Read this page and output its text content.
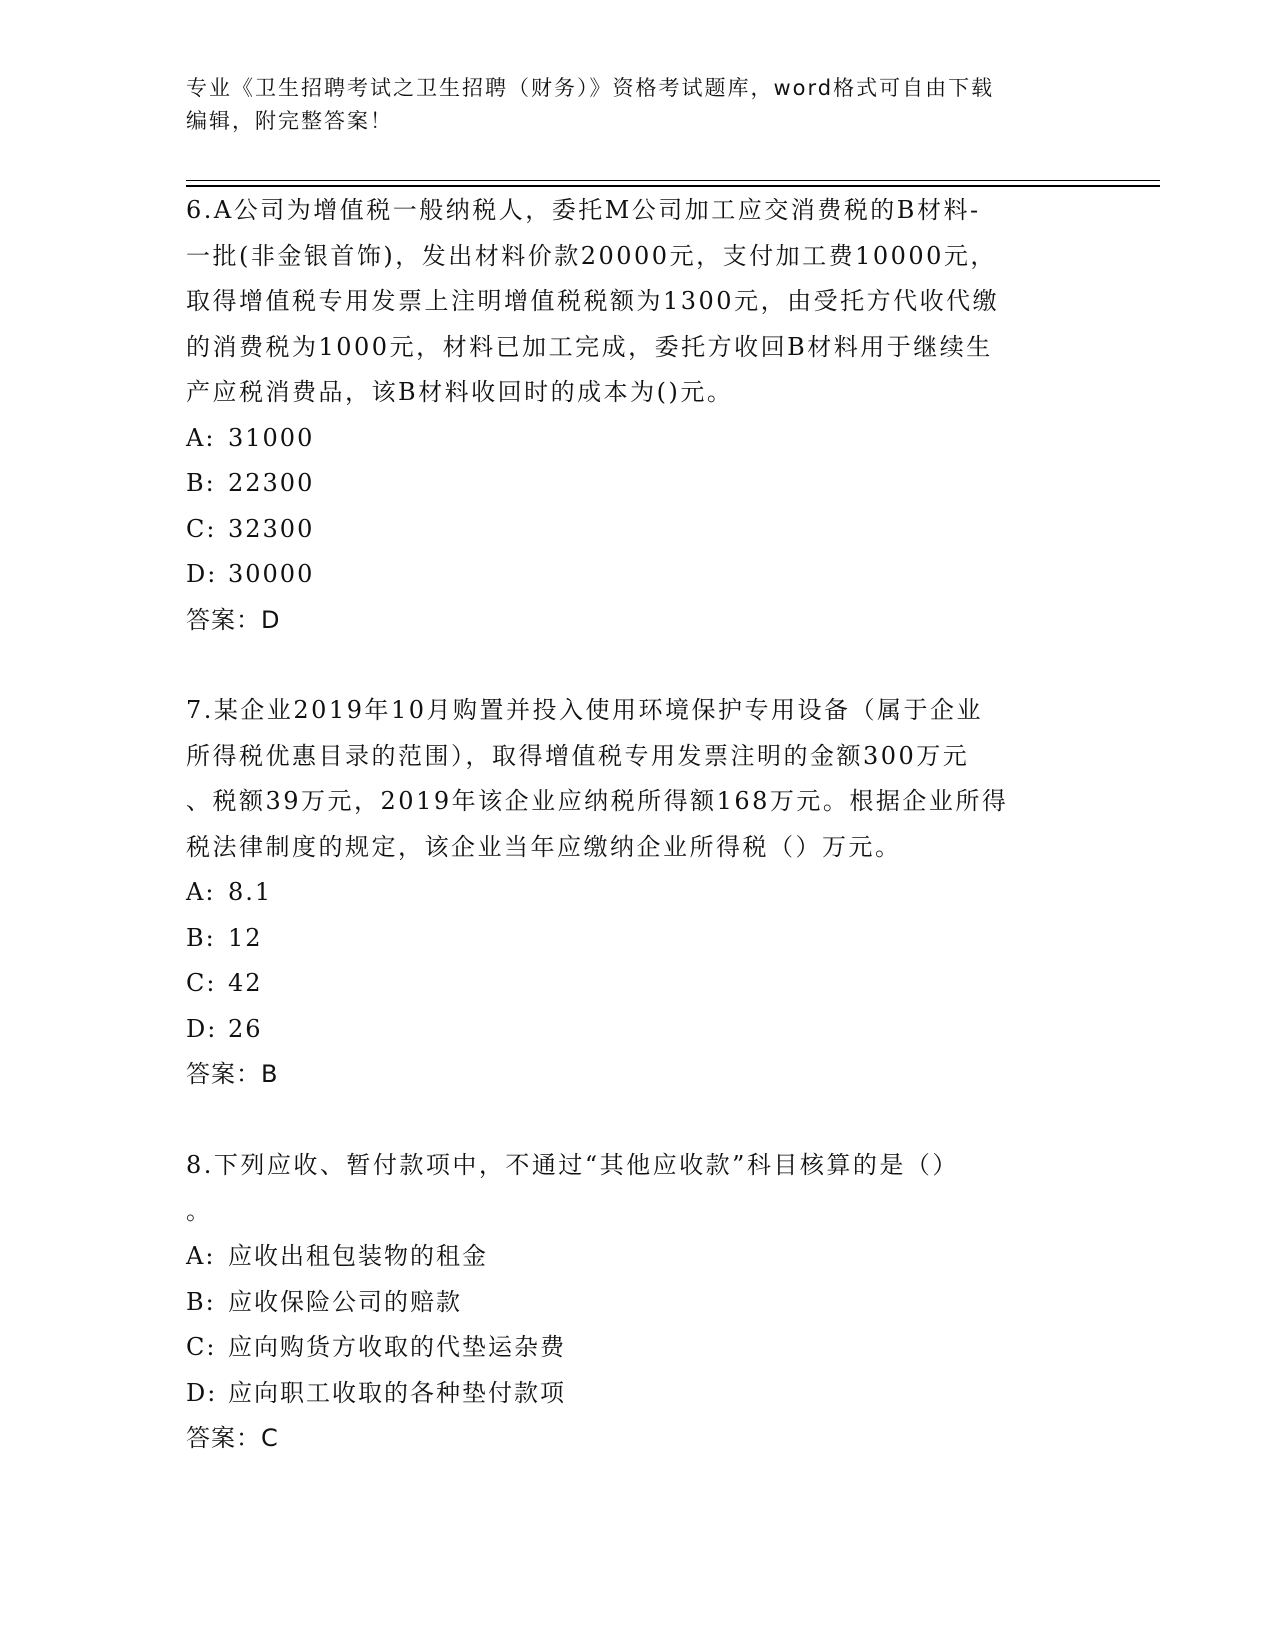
专业《卫生招聘考试之卫生招聘（财务）》资格考试题库，word格式可自由下载
编辑，附完整答案！
6.A公司为增值税一般纳税人，委托M公司加工应交消费税的B材料-
一批(非金银首饰)，发出材料价款20000元，支付加工费10000元，
取得增值税专用发票上注明增值税税额为1300元，由受托方代收代缴
的消费税为1000元，材料已加工完成，委托方收回B材料用于继续生
产应税消费品，该B材料收回时的成本为()元。
A: 31000
B: 22300
C: 32300
D: 30000
答案：D
7.某企业2019年10月购置并投入使用环境保护专用设备（属于企业
所得税优惠目录的范围），取得增值税专用发票注明的金额300万元
、税额39万元，2019年该企业应纳税所得额168万元。根据企业所得
税法律制度的规定，该企业当年应缴纳企业所得税（）万元。
A: 8.1
B: 12
C: 42
D: 26
答案：B
8.下列应收、暂付款项中，不通过“其他应收款”科目核算的是（）
。
A: 应收出租包装物的租金
B: 应收保险公司的赔款
C: 应向购货方收取的代垫运杂费
D: 应向职工收取的各种垫付款项
答案：C
